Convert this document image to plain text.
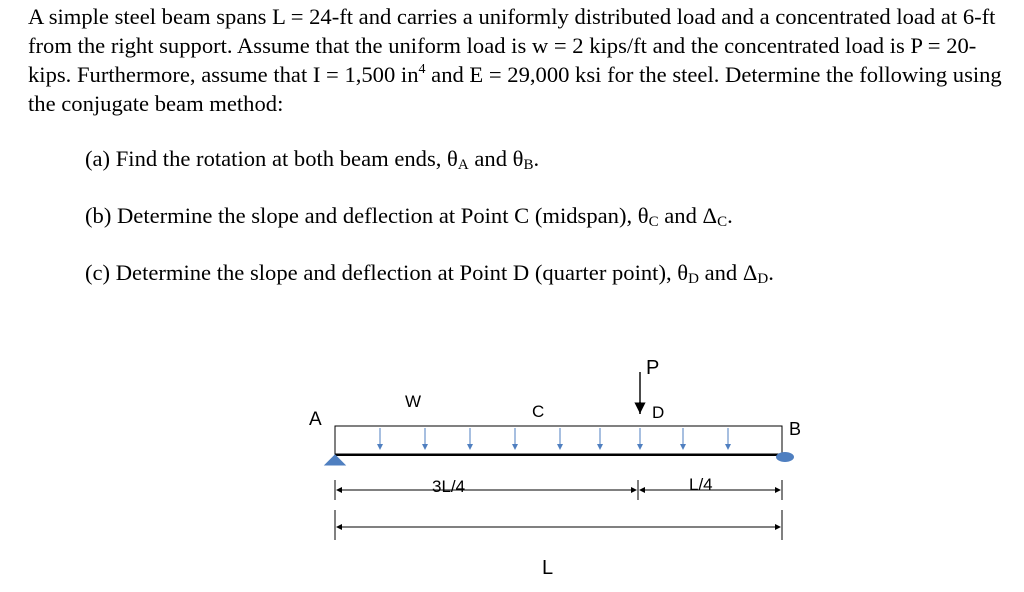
A simple steel beam spans L = 24-ft and carries a uniformly distributed load and a concentrated load at 6-ft from the right support. Assume that the uniform load is w = 2 kips/ft and the concentrated load is P = 20-kips. Furthermore, assume that I = 1,500 $in^4$ and E = 29,000 ksi for the steel. Determine the following using the conjugate beam method:

(a) Find the rotation at both beam ends, $\theta_A$ and $\theta_B$.
(b) Determine the slope and deflection at Point C (midspan), $\theta_C$ and $\Delta_C$.
(c) Determine the slope and deflection at Point D (quarter point), $\theta_D$ and $\Delta_D$.
A	B
W
C	D
P
3L/4	L/4
L
